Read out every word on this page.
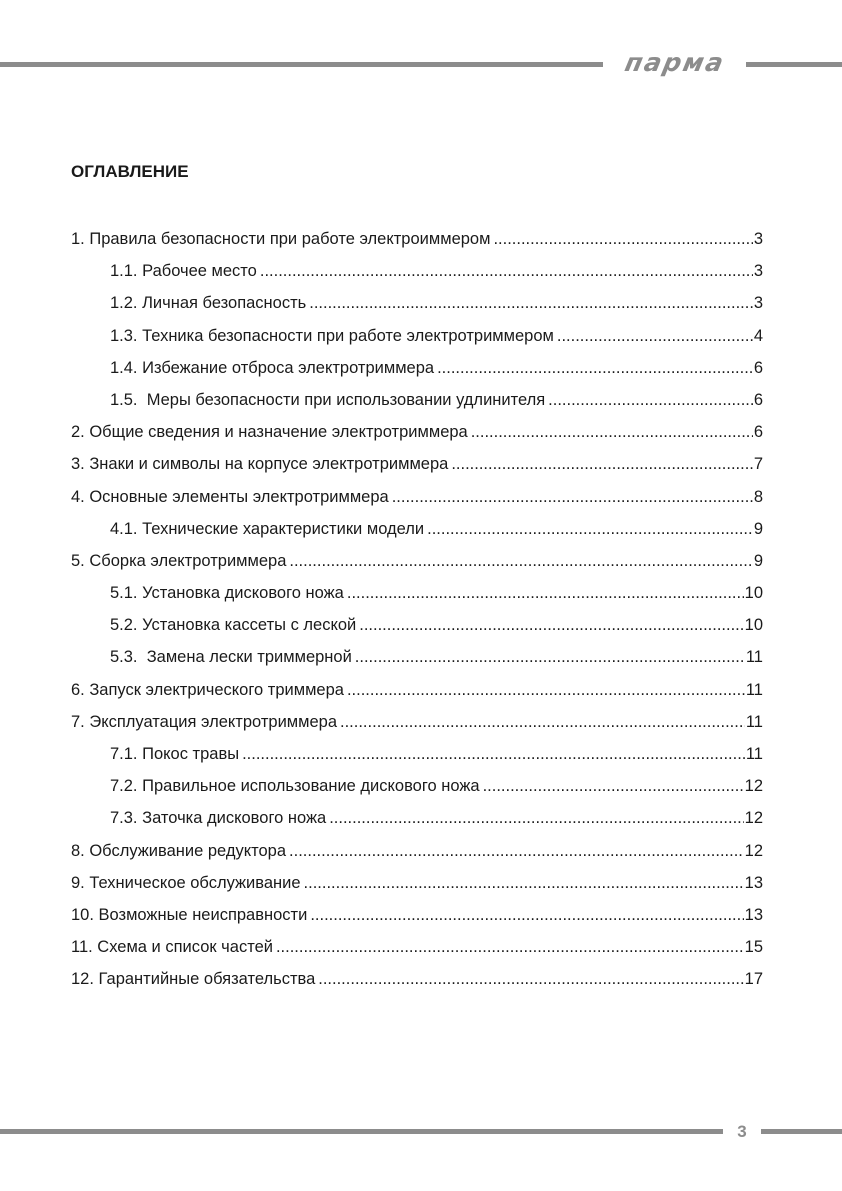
парма
ОГЛАВЛЕНИЕ
1. Правила безопасности при работе электроиммером .....	3
1.1. Рабочее место .....	3
1.2. Личная безопасность .....	3
1.3. Техника безопасности при работе электротриммером .....	4
1.4. Избежание отброса электротриммера .....	6
1.5.  Меры безопасности при использовании удлинителя .....	6
2. Общие сведения и назначение электротриммера .....	6
3. Знаки и символы на корпусе электротриммера .....	7
4. Основные элементы электротриммера .....	8
4.1. Технические характеристики модели .....	9
5. Сборка электротриммера .....	9
5.1. Установка дискового ножа .....	10
5.2. Установка кассеты с леской .....	10
5.3.  Замена лески триммерной .....	11
6. Запуск электрического триммера .....	11
7. Эксплуатация электротриммера .....	11
7.1. Покос травы .....	11
7.2. Правильное использование дискового ножа .....	12
7.3. Заточка дискового ножа .....	12
8. Обслуживание редуктора .....	12
9. Техническое обслуживание .....	13
10. Возможные неисправности .....	13
11. Схема и список частей .....	15
12. Гарантийные обязательства .....	17
3
